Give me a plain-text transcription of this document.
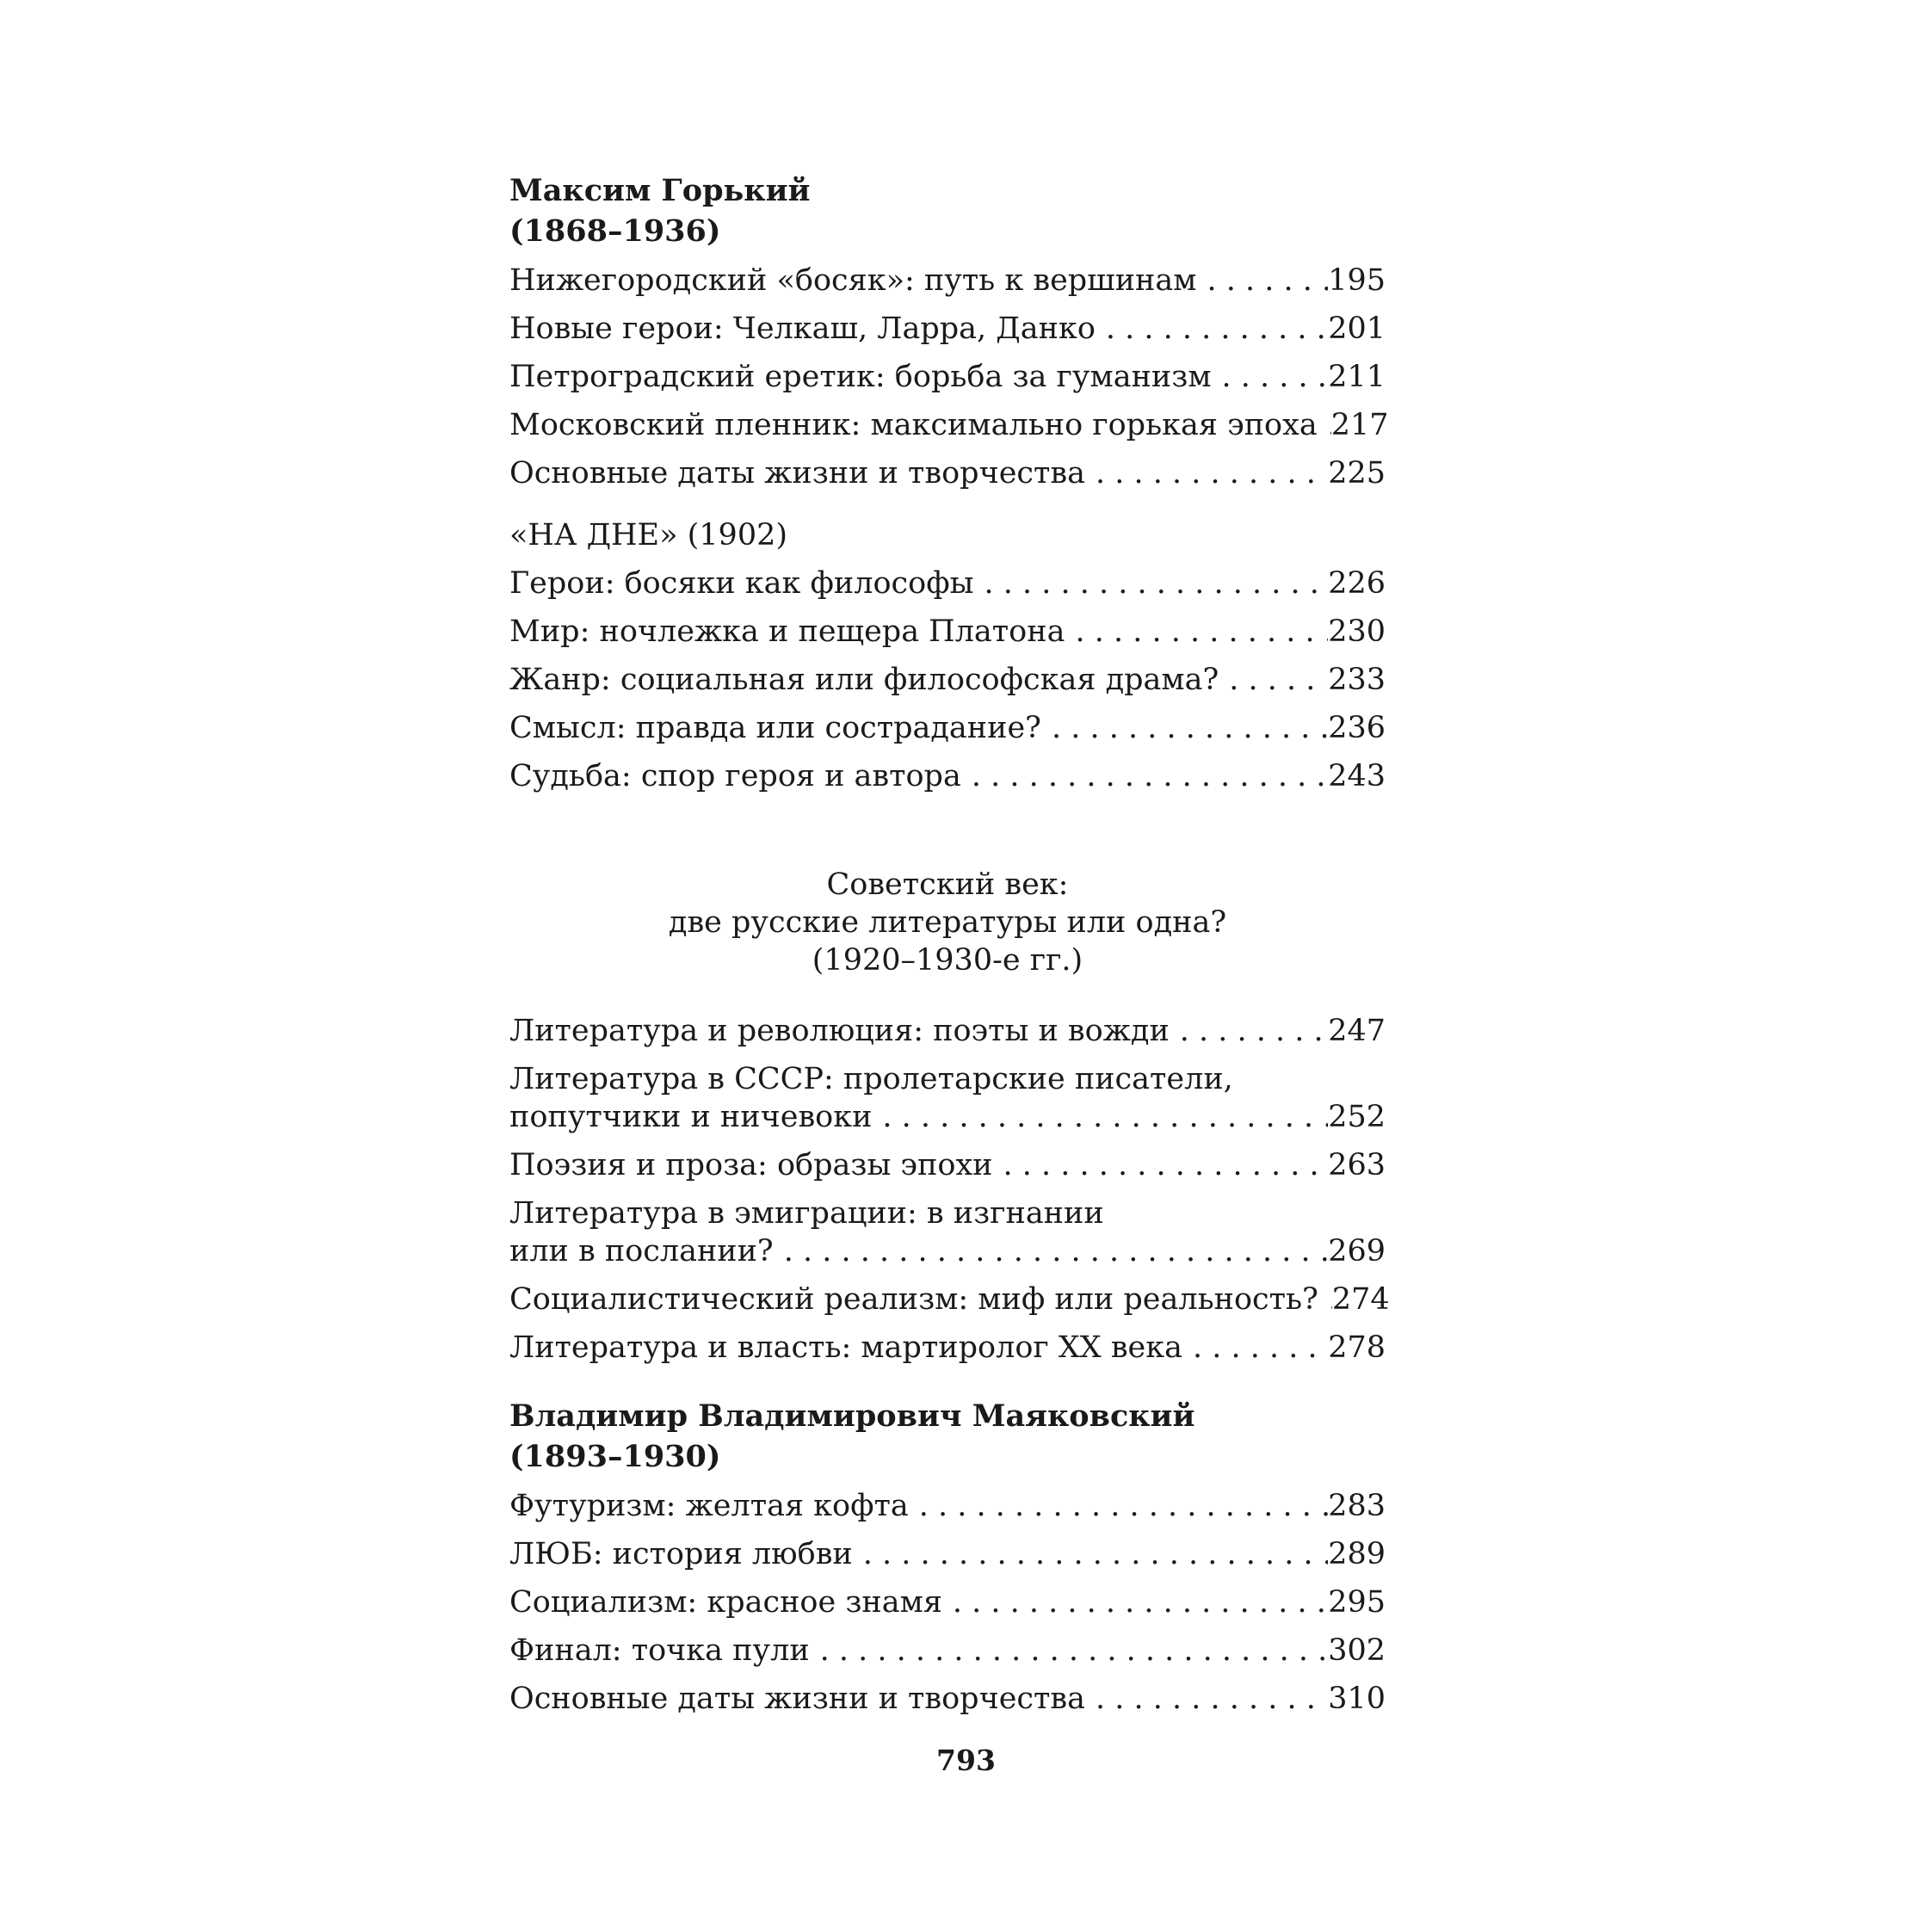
Максим Горький
(1868–1936)
Нижегородский «босяк»: путь к вершинам . . .	195
Новые герои: Челкаш, Ларра, Данко . . .	201
Петроградский еретик: борьба за гуманизм . . .	211
Московский пленник: максимально горькая эпоха . . . 217
Основные даты жизни и творчества . . .	225
«НА ДНЕ» (1902)
Герои: босяки как философы . . .	226
Мир: ночлежка и пещера Платона . . .	230
Жанр: социальная или философская драма? . . .	233
Смысл: правда или сострадание? . . .	236
Судьба: спор героя и автора . . .	243
Советский век:
две русские литературы или одна?
(1920–1930-е гг.)
Литература и революция: поэты и вожди . . .	247
Литература в СССР: пролетарские писатели,
попутчики и ничевоки . . .	252
Поэзия и проза: образы эпохи . . .	263
Литература в эмиграции: в изгнании
или в послании? . . .	269
Социалистический реализм: миф или реальность? . . . 274
Литература и власть: мартиролог XX века . . .	278
Владимир Владимирович Маяковский
(1893–1930)
Футуризм: желтая кофта . . .	283
ЛЮБ: история любви . . .	289
Социализм: красное знамя . . .	295
Финал: точка пули . . .	302
Основные даты жизни и творчества . . .	310
793
